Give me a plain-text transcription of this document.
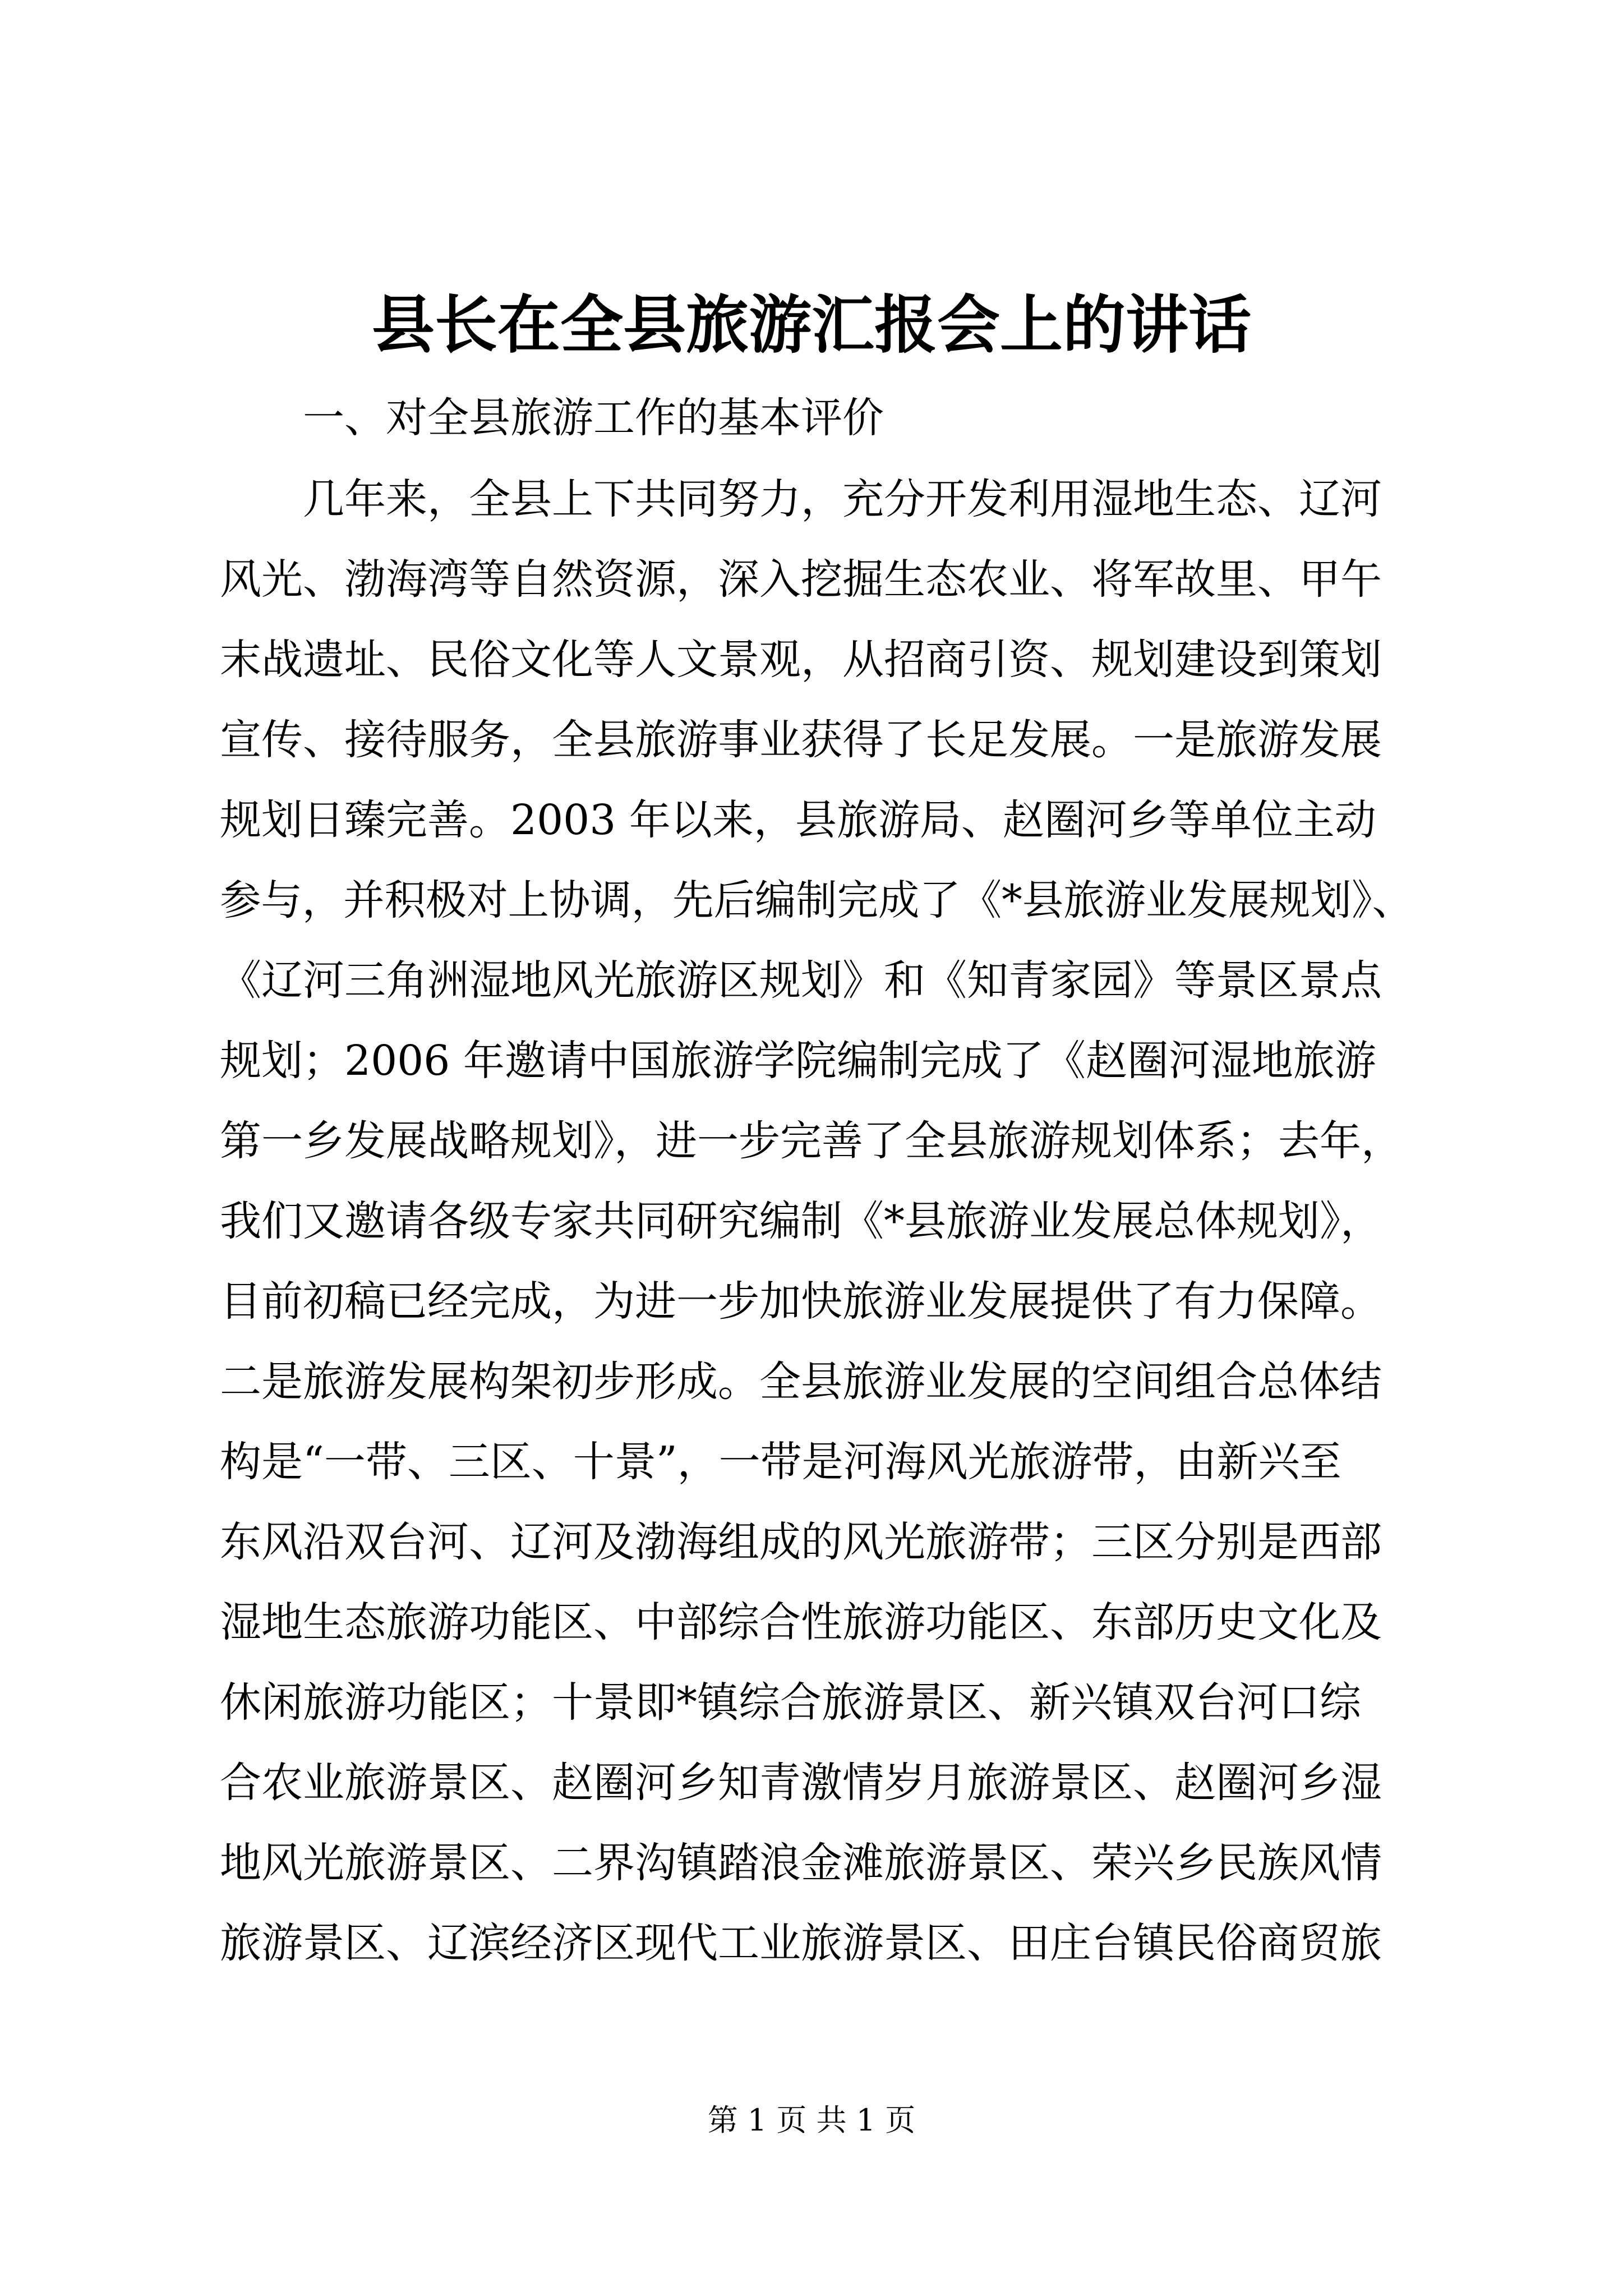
县长在全县旅游汇报会上的讲话
一、对全县旅游工作的基本评价
几年来，全县上下共同努力，充分开发利用湿地生态、辽河
风光、渤海湾等自然资源，深入挖掘生态农业、将军故里、甲午
末战遗址、民俗文化等人文景观，从招商引资、规划建设到策划
宣传、接待服务，全县旅游事业获得了长足发展。一是旅游发展
规划日臻完善。2003 年以来，县旅游局、赵圈河乡等单位主动
参与，并积极对上协调，先后编制完成了《*县旅游业发展规划》、
《辽河三角洲湿地风光旅游区规划》和《知青家园》等景区景点
规划；2006 年邀请中国旅游学院编制完成了《赵圈河湿地旅游
第一乡发展战略规划》，进一步完善了全县旅游规划体系；去年，
我们又邀请各级专家共同研究编制《*县旅游业发展总体规划》，
目前初稿已经完成，为进一步加快旅游业发展提供了有力保障。
二是旅游发展构架初步形成。全县旅游业发展的空间组合总体结
构是“一带、三区、十景”，一带是河海风光旅游带，由新兴至
东风沿双台河、辽河及渤海组成的风光旅游带；三区分别是西部
湿地生态旅游功能区、中部综合性旅游功能区、东部历史文化及
休闲旅游功能区；十景即*镇综合旅游景区、新兴镇双台河口综
合农业旅游景区、赵圈河乡知青激情岁月旅游景区、赵圈河乡湿
地风光旅游景区、二界沟镇踏浪金滩旅游景区、荣兴乡民族风情
旅游景区、辽滨经济区现代工业旅游景区、田庄台镇民俗商贸旅
第 1 页 共 1 页
